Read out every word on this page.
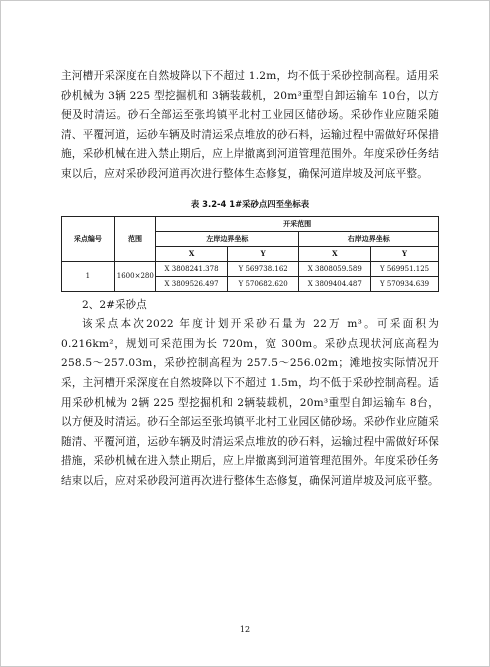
主河槽开采深度在自然坡降以下不超过 1.2m，均不低于采砂控制高程。适用采砂机械为 3辆 225 型挖掘机和 3辆装载机，20m³重型自卸运输车 10台，以方便及时清运。砂石全部运至张坞镇平北村工业园区储砂场。采砂作业应随采随清、平覆河道，运砂车辆及时清运采点堆放的砂石料，运输过程中需做好环保措施，采砂机械在进入禁止期后，应上岸撤离到河道管理范围外。年度采砂任务结束以后，应对采砂段河道再次进行整体生态修复，确保河道岸坡及河底平整。

表 3.2-4 1#采砂点四至坐标表
采点编号	范围	开采范围			
		左岸边界坐标		右岸边界坐标	
		X	Y	X	Y
1	1600×280	X 3808241.378	Y 569738.162	X 3808059.589	Y 569951.125
		X 3809526.497	Y 570682.620	X 3809404.487	Y 570934.639

2、2#采砂点

该采点本次2022 年度计划开采砂石量为 22万 m³。可采面积为 0.216km²，规划可采范围为长 720m，宽 300m。采砂点现状河底高程为 258.5～257.03m，采砂控制高程为 257.5～256.02m；滩地按实际情况开采，主河槽开采深度在自然坡降以下不超过 1.5m，均不低于采砂控制高程。适用采砂机械为 2辆 225 型挖掘机和 2辆装载机，20m³重型自卸运输车 8台，以方便及时清运。砂石全部运至张坞镇平北村工业园区储砂场。采砂作业应随采随清、平覆河道，运砂车辆及时清运采点堆放的砂石料，运输过程中需做好环保措施，采砂机械在进入禁止期后，应上岸撤离到河道管理范围外。年度采砂任务结束以后，应对采砂段河道再次进行整体生态修复，确保河道岸坡及河底平整。

12
